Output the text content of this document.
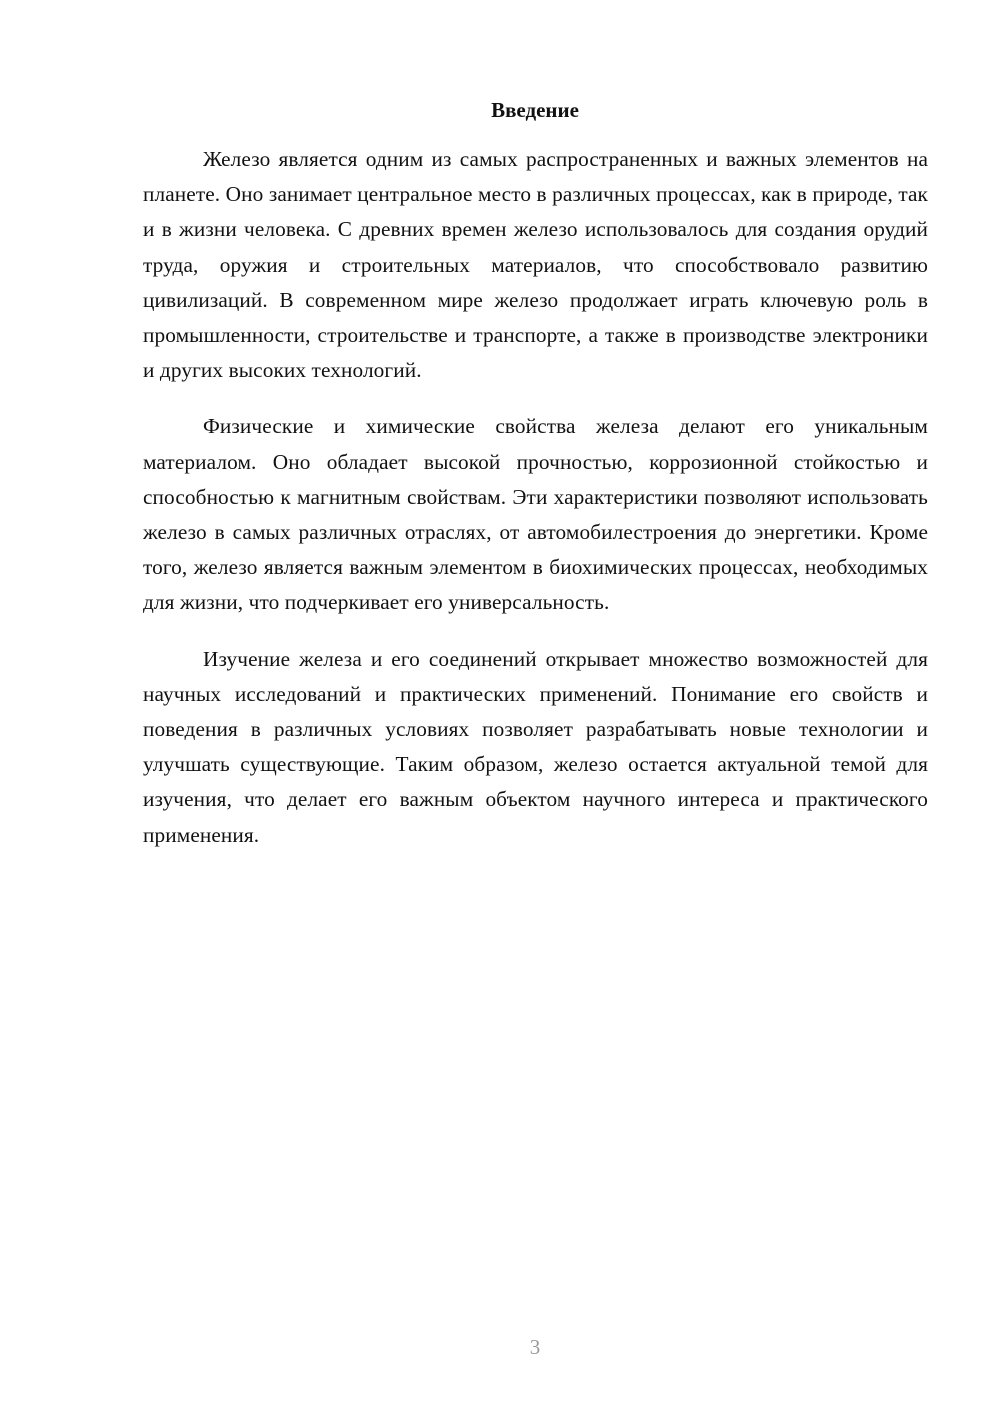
Введение

Железо является одним из самых распространенных и важных элементов на планете. Оно занимает центральное место в различных процессах, как в природе, так и в жизни человека. С древних времен железо использовалось для создания орудий труда, оружия и строительных материалов, что способствовало развитию цивилизаций. В современном мире железо продолжает играть ключевую роль в промышленности, строительстве и транспорте, а также в производстве электроники и других высоких технологий.

Физические и химические свойства железа делают его уникальным материалом. Оно обладает высокой прочностью, коррозионной стойкостью и способностью к магнитным свойствам. Эти характеристики позволяют использовать железо в самых различных отраслях, от автомобилестроения до энергетики. Кроме того, железо является важным элементом в биохимических процессах, необходимых для жизни, что подчеркивает его универсальность.

Изучение железа и его соединений открывает множество возможностей для научных исследований и практических применений. Понимание его свойств и поведения в различных условиях позволяет разрабатывать новые технологии и улучшать существующие. Таким образом, железо остается актуальной темой для изучения, что делает его важным объектом научного интереса и практического применения.

3
